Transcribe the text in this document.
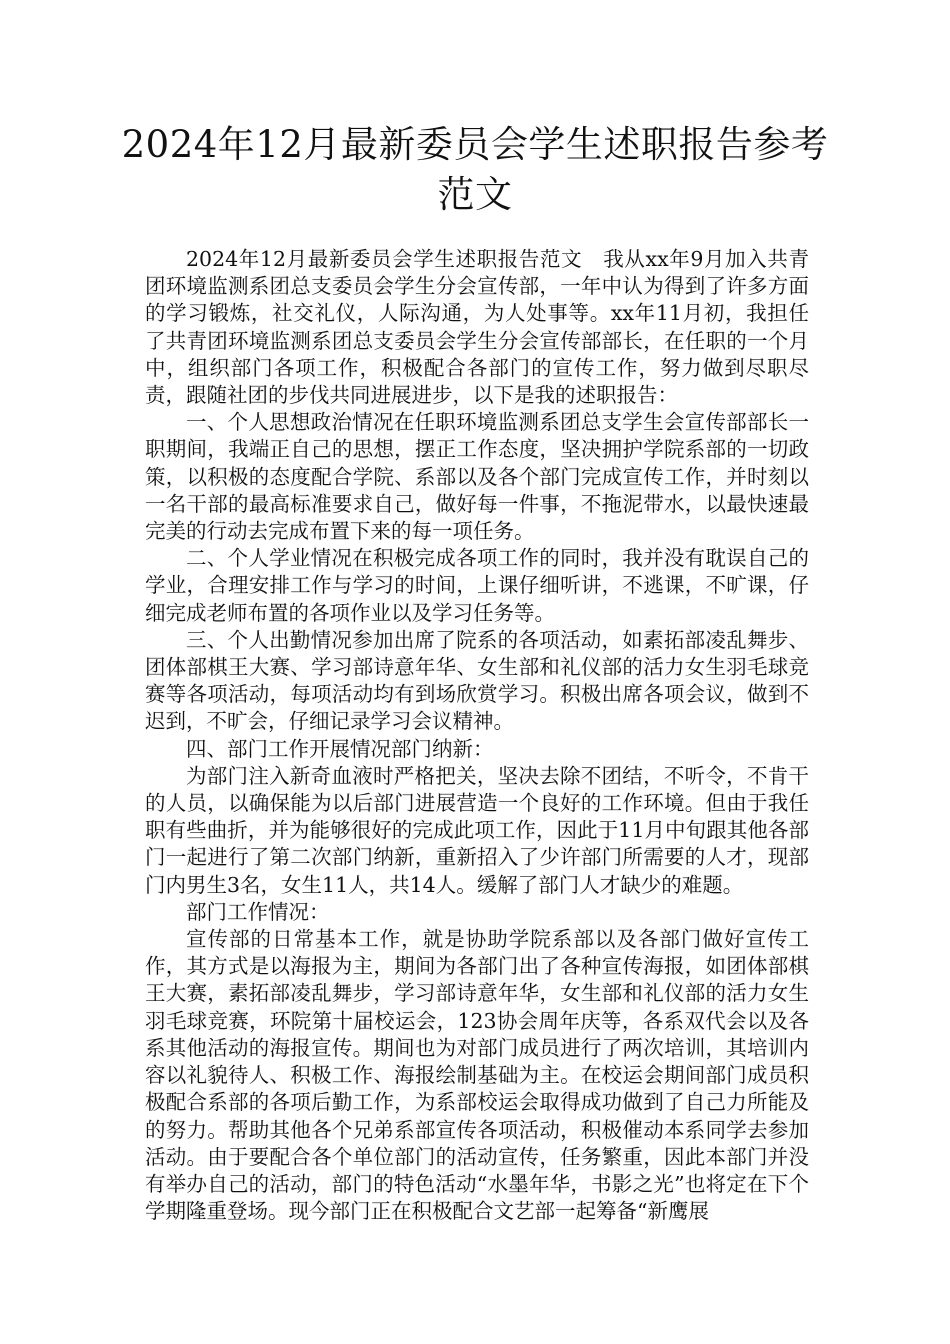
2024年12月最新委员会学生述职报告参考范文

2024年12月最新委员会学生述职报告范文　我从xx年9月加入共青团环境监测系团总支委员会学生分会宣传部，一年中认为得到了许多方面的学习锻炼，社交礼仪，人际沟通，为人处事等。xx年11月初，我担任了共青团环境监测系团总支委员会学生分会宣传部部长，在任职的一个月中，组织部门各项工作，积极配合各部门的宣传工作，努力做到尽职尽责，跟随社团的步伐共同进展进步，以下是我的述职报告：

一、个人思想政治情况在任职环境监测系团总支学生会宣传部部长一职期间，我端正自己的思想，摆正工作态度，坚决拥护学院系部的一切政策，以积极的态度配合学院、系部以及各个部门完成宣传工作，并时刻以一名干部的最高标准要求自己，做好每一件事，不拖泥带水，以最快速最完美的行动去完成布置下来的每一项任务。

二、个人学业情况在积极完成各项工作的同时，我并没有耽误自己的学业，合理安排工作与学习的时间，上课仔细听讲，不逃课，不旷课，仔细完成老师布置的各项作业以及学习任务等。

三、个人出勤情况参加出席了院系的各项活动，如素拓部凌乱舞步、团体部棋王大赛、学习部诗意年华、女生部和礼仪部的活力女生羽毛球竞赛等各项活动，每项活动均有到场欣赏学习。积极出席各项会议，做到不迟到，不旷会，仔细记录学习会议精神。

四、部门工作开展情况部门纳新：

为部门注入新奇血液时严格把关，坚决去除不团结，不听令，不肯干的人员，以确保能为以后部门进展营造一个良好的工作环境。但由于我任职有些曲折，并为能够很好的完成此项工作，因此于11月中旬跟其他各部门一起进行了第二次部门纳新，重新招入了少许部门所需要的人才，现部门内男生3名，女生11人，共14人。缓解了部门人才缺少的难题。

部门工作情况：

宣传部的日常基本工作，就是协助学院系部以及各部门做好宣传工作，其方式是以海报为主，期间为各部门出了各种宣传海报，如团体部棋王大赛，素拓部凌乱舞步，学习部诗意年华，女生部和礼仪部的活力女生羽毛球竞赛，环院第十届校运会，123协会周年庆等，各系双代会以及各系其他活动的海报宣传。期间也为对部门成员进行了两次培训，其培训内容以礼貌待人、积极工作、海报绘制基础为主。在校运会期间部门成员积极配合系部的各项后勤工作，为系部校运会取得成功做到了自己力所能及的努力。帮助其他各个兄弟系部宣传各项活动，积极催动本系同学去参加活动。由于要配合各个单位部门的活动宣传，任务繁重，因此本部门并没有举办自己的活动，部门的特色活动“水墨年华，书影之光”也将定在下个学期隆重登场。现今部门正在积极配合文艺部一起筹备“新鹰展
